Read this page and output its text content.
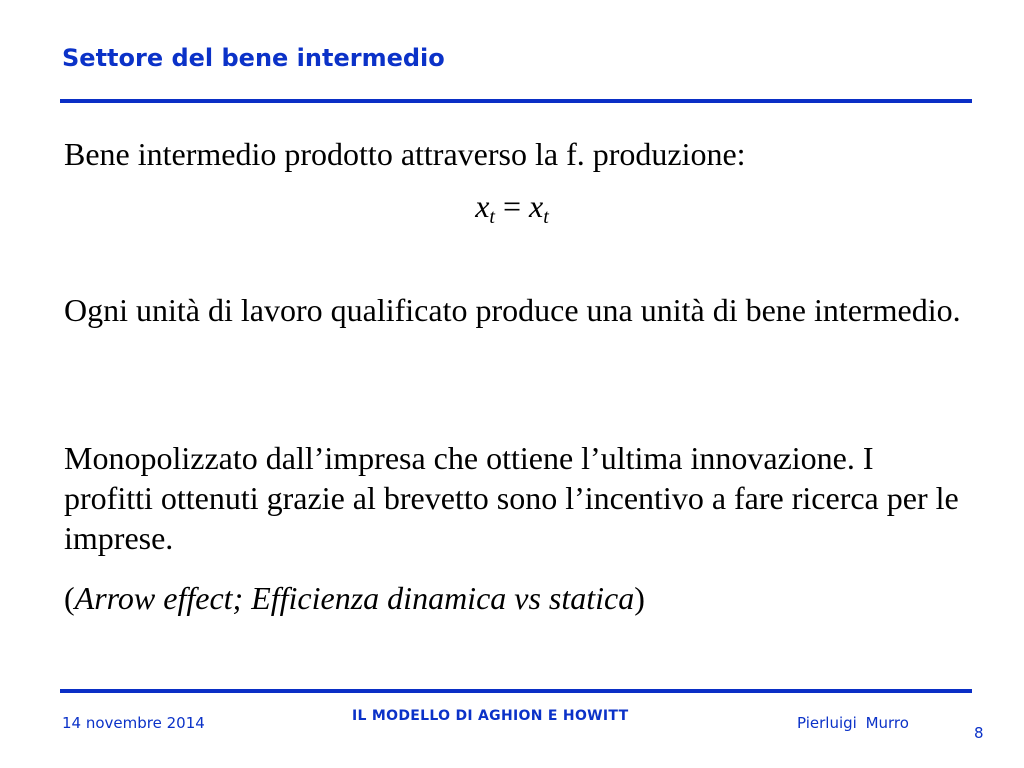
Settore del bene intermedio

Bene intermedio prodotto attraverso la f. produzione:

$x_t = x_t$

Ogni unità di lavoro qualificato produce una unità di bene intermedio.

Monopolizzato dall’impresa che ottiene l’ultima innovazione. I profitti ottenuti grazie al brevetto sono l’incentivo a fare ricerca per le imprese.

(Arrow effect; Efficienza dinamica vs statica)

14 novembre 2014	IL MODELLO DI AGHION E HOWITT	Pierluigi Murro
8
